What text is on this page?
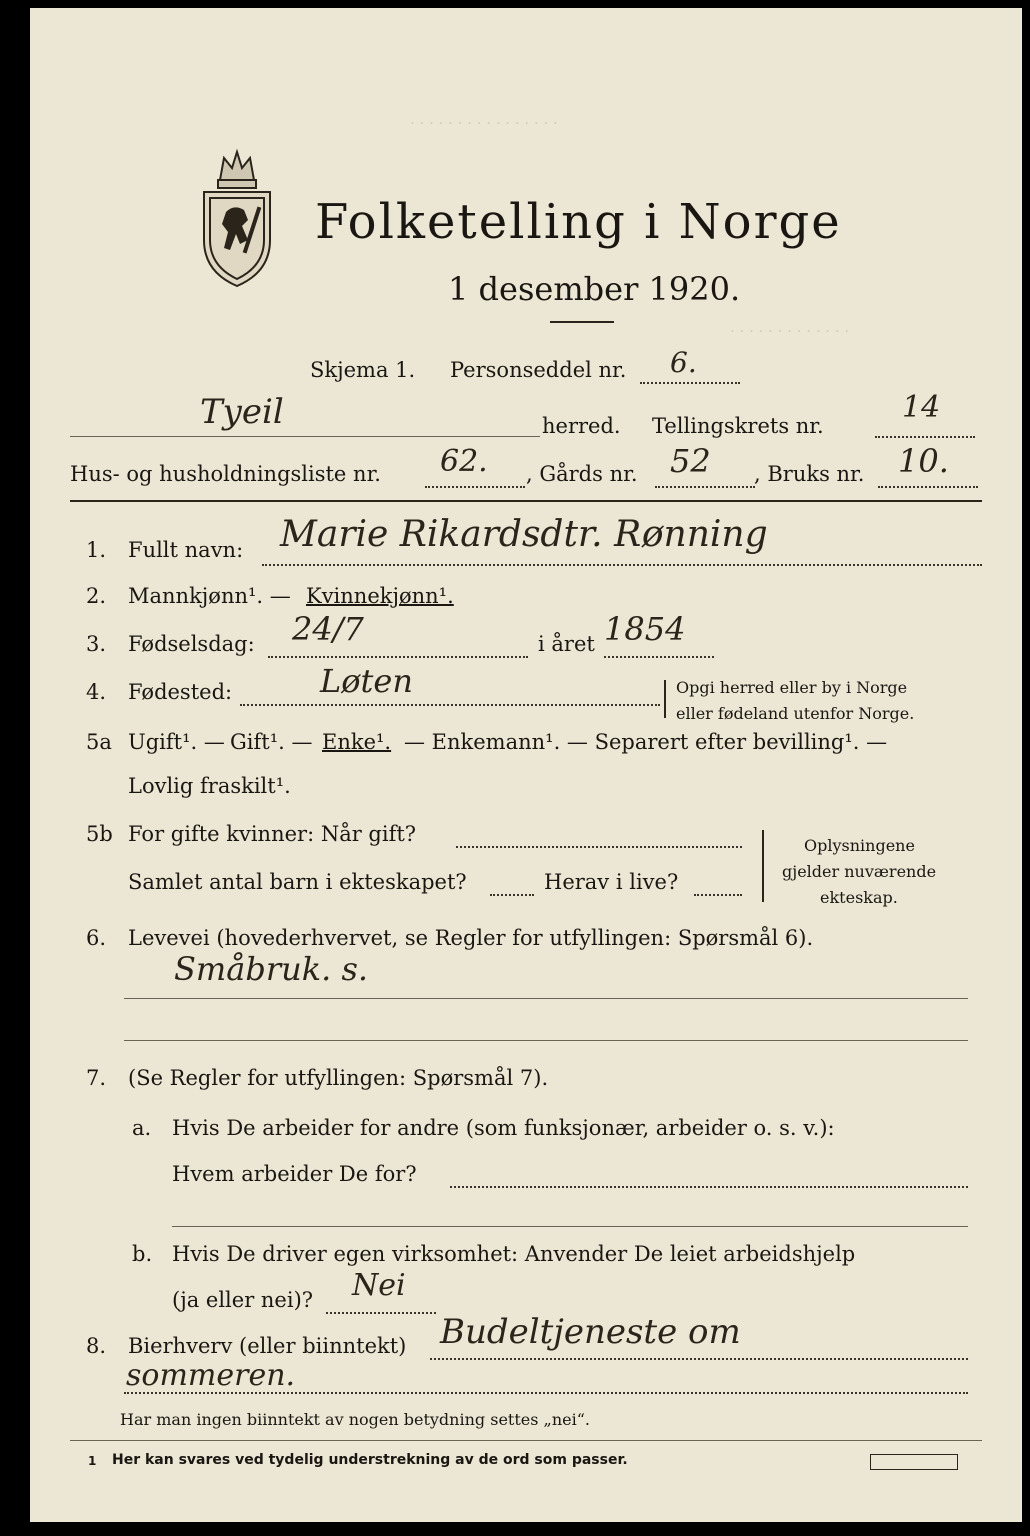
. . . . . . . . . . . . . . . .
. . . . . . . . . . . . .
Folketelling i Norge
1 desember 1920.
Skjema 1. Personseddel nr. 6.
Tyeil	herred. Tellingskrets nr.
14
Hus- og husholdningsliste nr. 62. , Gårds nr. 52 , Bruks nr. 10.
1. Fullt navn: Marie Rikardsdtr. Rønning
2. Mannkjønn¹. — Kvinnekjønn¹.
3. Fødselsdag: 24/7	i året 1854
4. Fødested:	Løten	Opgi herred eller by i Norge
eller fødeland utenfor Norge.
5a Ugift¹. — Gift¹. — Enke¹. — Enkemann¹. — Separert efter bevilling¹. —
Lovlig fraskilt¹.
5b For gifte kvinner: Når gift?
Samlet antal barn i ekteskapet?	Herav i live?
Oplysningene
gjelder nuværende
ekteskap.
6. Levevei (hovederhvervet, se Regler for utfyllingen: Spørsmål 6).
Småbruk. s.
7. (Se Regler for utfyllingen: Spørsmål 7).
a. Hvis De arbeider for andre (som funksjonær, arbeider o. s. v.):
Hvem arbeider De for?
b. Hvis De driver egen virksomhet: Anvender De leiet arbeidshjelp
(ja eller nei)? Nei
8. Bierhverv (eller biinntekt) Budeltjeneste om
sommeren.
Har man ingen biinntekt av nogen betydning settes „nei“.
1 Her kan svares ved tydelig understrekning av de ord som passer.
